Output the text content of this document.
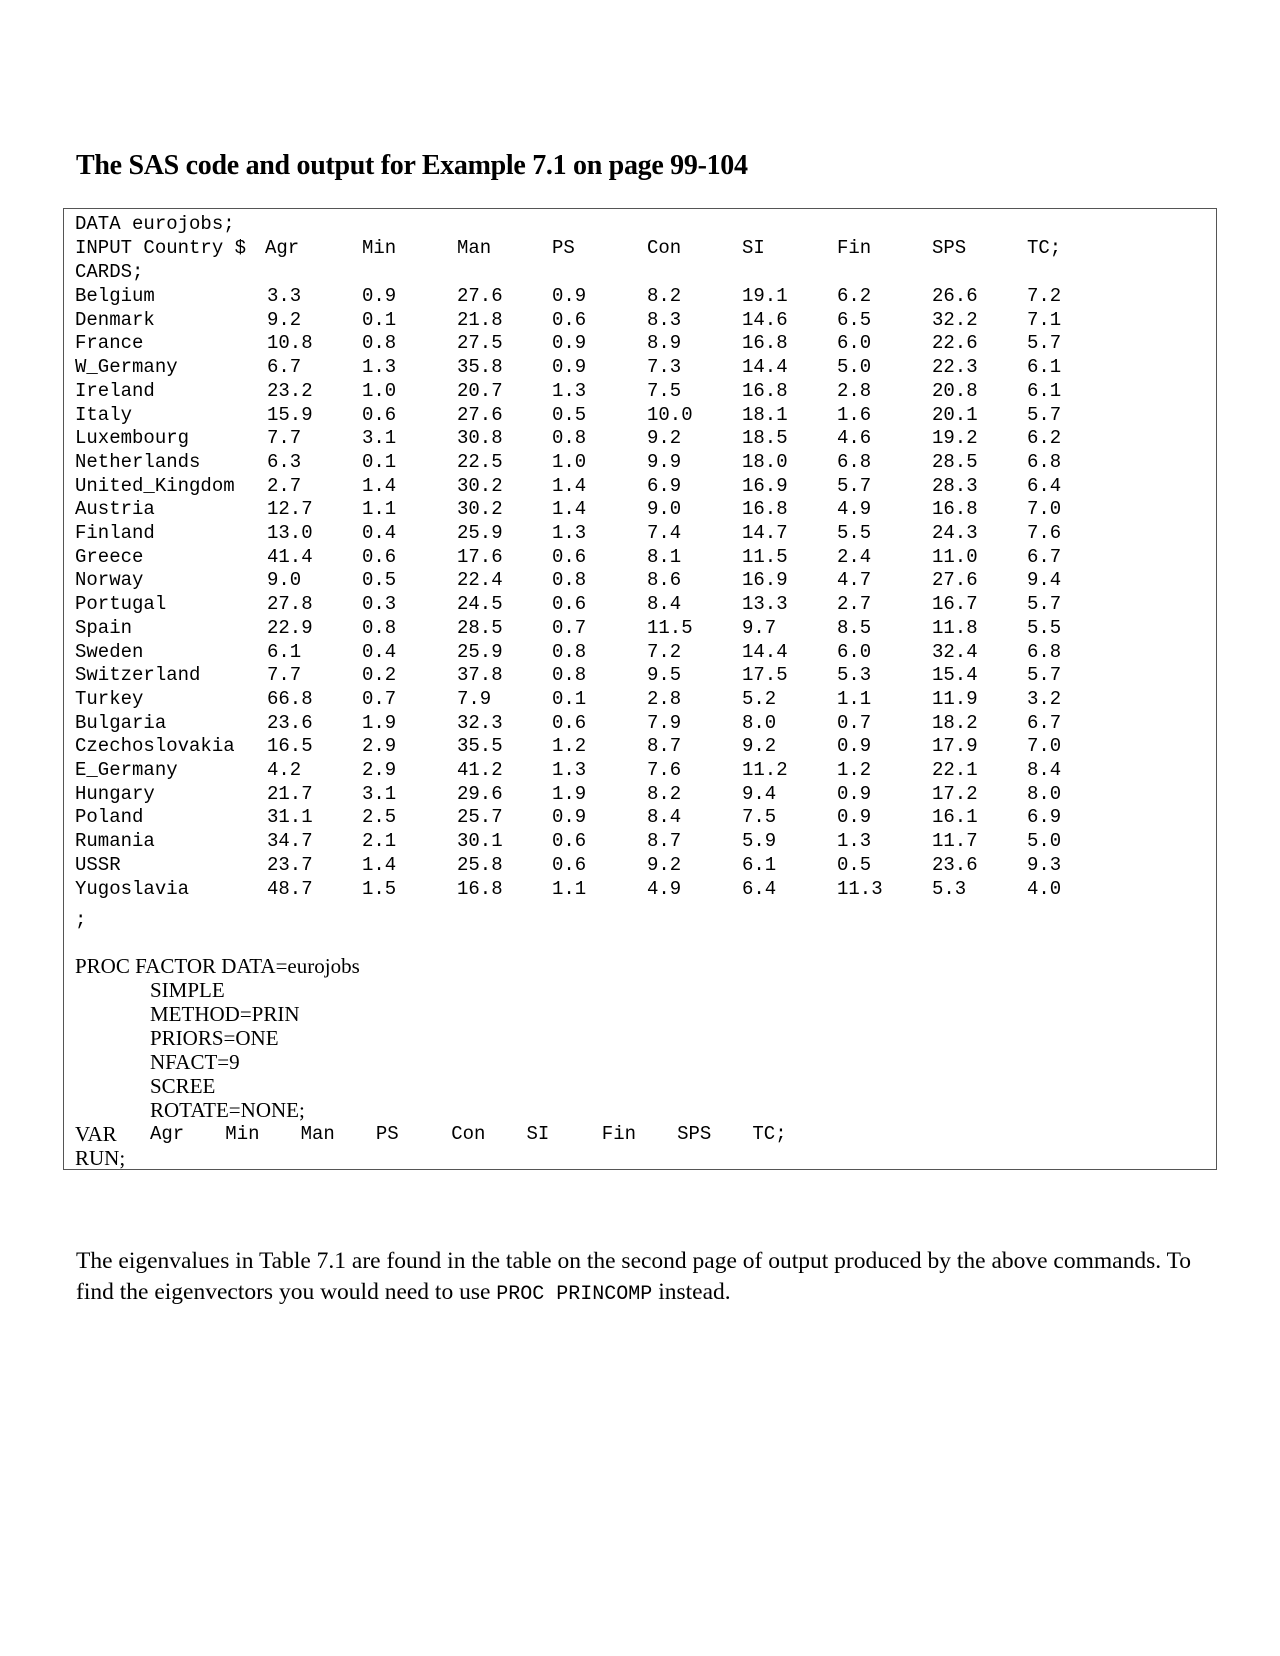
The SAS code and output for Example 7.1 on page 99-104
DATA eurojobs;
INPUT Country $ Agr	Min	Man	PS	Con	SI	Fin	SPS	TC;
CARDS;
Belgium	3.3	0.9	27.6	0.9	8.2	19.1	6.2	26.6	7.2
Denmark	9.2	0.1	21.8	0.6	8.3	14.6	6.5	32.2	7.1
France	10.8	0.8	27.5	0.9	8.9	16.8	6.0	22.6	5.7
W_Germany	6.7	1.3	35.8	0.9	7.3	14.4	5.0	22.3	6.1
Ireland	23.2	1.0	20.7	1.3	7.5	16.8	2.8	20.8	6.1
Italy	15.9	0.6	27.6	0.5	10.0	18.1	1.6	20.1	5.7
Luxembourg	7.7	3.1	30.8	0.8	9.2	18.5	4.6	19.2	6.2
Netherlands	6.3	0.1	22.5	1.0	9.9	18.0	6.8	28.5	6.8
United_Kingdom 2.7	1.4	30.2	1.4	6.9	16.9	5.7	28.3	6.4
Austria	12.7	1.1	30.2	1.4	9.0	16.8	4.9	16.8	7.0
Finland	13.0	0.4	25.9	1.3	7.4	14.7	5.5	24.3	7.6
Greece	41.4	0.6	17.6	0.6	8.1	11.5	2.4	11.0	6.7
Norway	9.0	0.5	22.4	0.8	8.6	16.9	4.7	27.6	9.4
Portugal	27.8	0.3	24.5	0.6	8.4	13.3	2.7	16.7	5.7
Spain	22.9	0.8	28.5	0.7	11.5	9.7	8.5	11.8	5.5
Sweden	6.1	0.4	25.9	0.8	7.2	14.4	6.0	32.4	6.8
Switzerland	7.7	0.2	37.8	0.8	9.5	17.5	5.3	15.4	5.7
Turkey	66.8	0.7	7.9	0.1	2.8	5.2	1.1	11.9	3.2
Bulgaria	23.6	1.9	32.3	0.6	7.9	8.0	0.7	18.2	6.7
Czechoslovakia 16.5	2.9	35.5	1.2	8.7	9.2	0.9	17.9	7.0
E_Germany	4.2	2.9	41.2	1.3	7.6	11.2	1.2	22.1	8.4
Hungary	21.7	3.1	29.6	1.9	8.2	9.4	0.9	17.2	8.0
Poland	31.1	2.5	25.7	0.9	8.4	7.5	0.9	16.1	6.9
Rumania	34.7	2.1	30.1	0.6	8.7	5.9	1.3	11.7	5.0
USSR	23.7	1.4	25.8	0.6	9.2	6.1	0.5	23.6	9.3
Yugoslavia	48.7	1.5	16.8	1.1	4.9	6.4	11.3	5.3	4.0
;
PROC FACTOR DATA=eurojobs
SIMPLE
METHOD=PRIN
PRIORS=ONE
NFACT=9
SCREE
ROTATE=NONE;
VAR Agr Min Man PS	Con SI	Fin SPS TC;
RUN;

The eigenvalues in Table 7.1 are found in the table on the second page of output produced by the above commands. To find the eigenvectors you would need to use PROC PRINCOMP instead.
